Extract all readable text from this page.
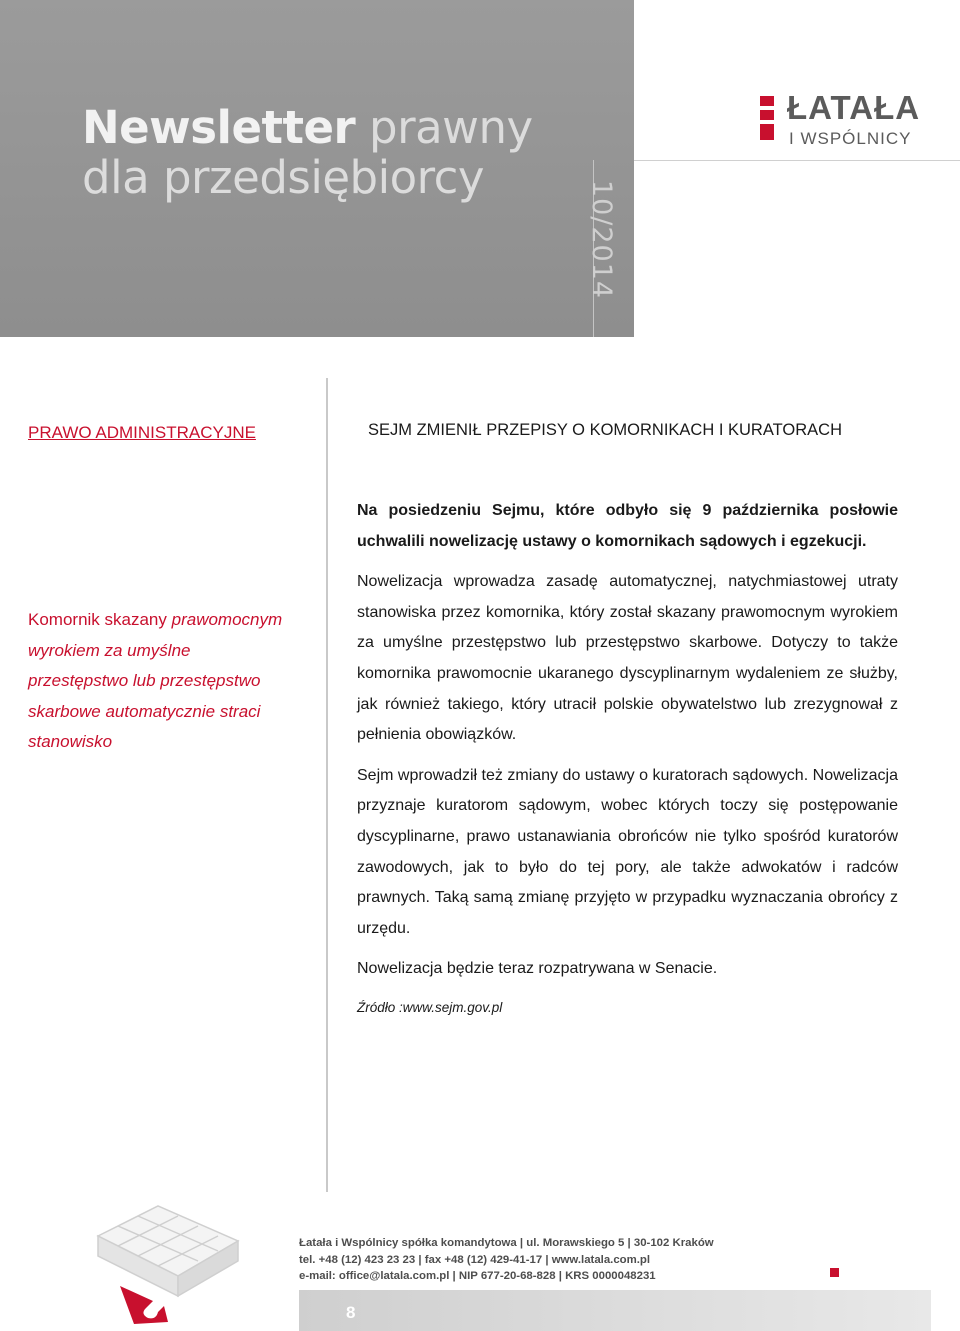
Newsletter prawny
dla przedsiębiorcy
10/2014
ŁATAŁA
I WSPÓLNICY
PRAWO ADMINISTRACYJNE
Komornik skazany prawomocnym wyrokiem za umyślne przestępstwo lub przestępstwo skarbowe automatycznie straci stanowisko
SEJM ZMIENIŁ PRZEPISY O KOMORNIKACH I KURATORACH

Na posiedzeniu Sejmu, które odbyło się 9 października posłowie uchwalili nowelizację ustawy o komornikach sądowych i egzekucji.

Nowelizacja wprowadza zasadę automatycznej, natychmiastowej utraty stanowiska przez komornika, który został skazany prawomocnym wyrokiem za umyślne przestępstwo lub przestępstwo skarbowe. Dotyczy to także komornika prawomocnie ukaranego dyscyplinarnym wydaleniem ze służby, jak również takiego, który utracił polskie obywatelstwo lub zrezygnował z pełnienia obowiązków.

Sejm wprowadził też zmiany do ustawy o kuratorach sądowych. Nowelizacja przyznaje kuratorom sądowym, wobec których toczy się postępowanie dyscyplinarne, prawo ustanawiania obrońców nie tylko spośród kuratorów zawodowych, jak to było do tej pory, ale także adwokatów i radców prawnych. Taką samą zmianę przyjęto w przypadku wyznaczania obrońcy z urzędu.

Nowelizacja będzie teraz rozpatrywana w Senacie.

Źródło :www.sejm.gov.pl

Łatała i Wspólnicy spółka komandytowa | ul. Morawskiego 5 | 30-102 Kraków
tel. +48 (12) 423 23 23 | fax +48 (12) 429-41-17 | www.latala.com.pl
e-mail: office@latala.com.pl | NIP 677-20-68-828 | KRS 0000048231
8
